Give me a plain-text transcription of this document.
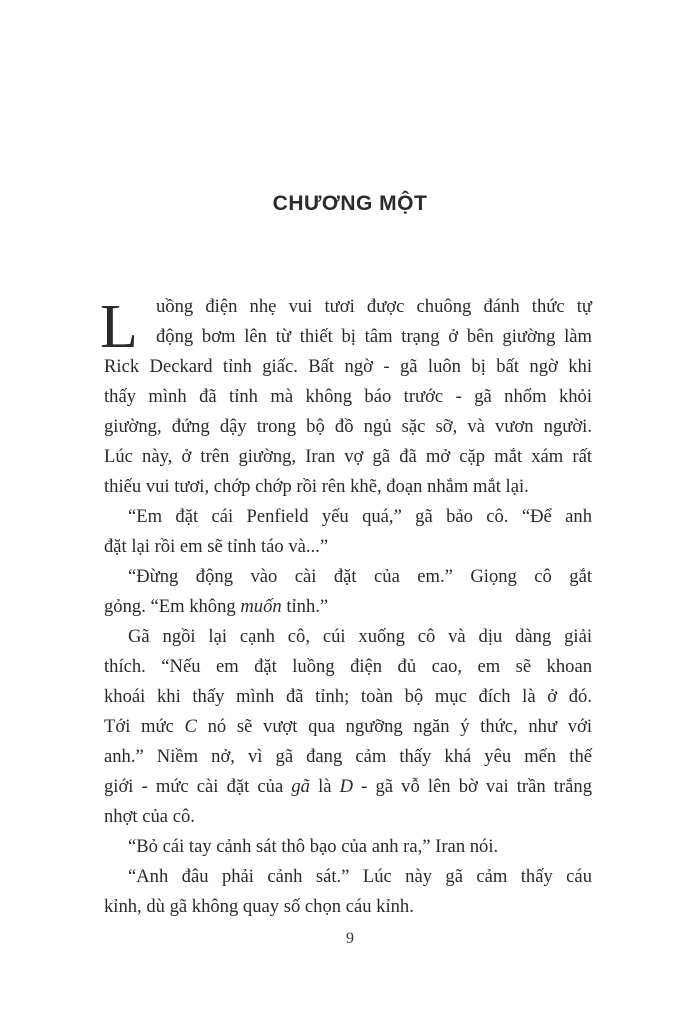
CHƯƠNG MỘT
L uồng điện nhẹ vui tươi được chuông đánh thức tự
động bơm lên từ thiết bị tâm trạng ở bên giường làm
Rick Deckard tỉnh giấc. Bất ngờ - gã luôn bị bất ngờ khi
thấy mình đã tỉnh mà không báo trước - gã nhổm khỏi
giường, đứng dậy trong bộ đồ ngủ sặc sỡ, và vươn người.
Lúc này, ở trên giường, Iran vợ gã đã mở cặp mắt xám rất
thiếu vui tươi, chớp chớp rồi rên khẽ, đoạn nhắm mắt lại.
“Em đặt cái Penfield yếu quá,” gã bảo cô. “Để anh
đặt lại rồi em sẽ tỉnh táo và...”
“Đừng động vào cài đặt của em.” Giọng cô gắt
gỏng. “Em không muốn tỉnh.”
Gã ngồi lại cạnh cô, cúi xuống cô và dịu dàng giải
thích. “Nếu em đặt luồng điện đủ cao, em sẽ khoan
khoái khi thấy mình đã tỉnh; toàn bộ mục đích là ở đó.
Tới mức C nó sẽ vượt qua ngưỡng ngăn ý thức, như với
anh.” Niềm nở, vì gã đang cảm thấy khá yêu mến thế
giới - mức cài đặt của gã là D - gã vỗ lên bờ vai trần trắng
nhợt của cô.
“Bỏ cái tay cảnh sát thô bạo của anh ra,” Iran nói.
“Anh đâu phải cảnh sát.” Lúc này gã cảm thấy cáu
kỉnh, dù gã không quay số chọn cáu kỉnh.
9
